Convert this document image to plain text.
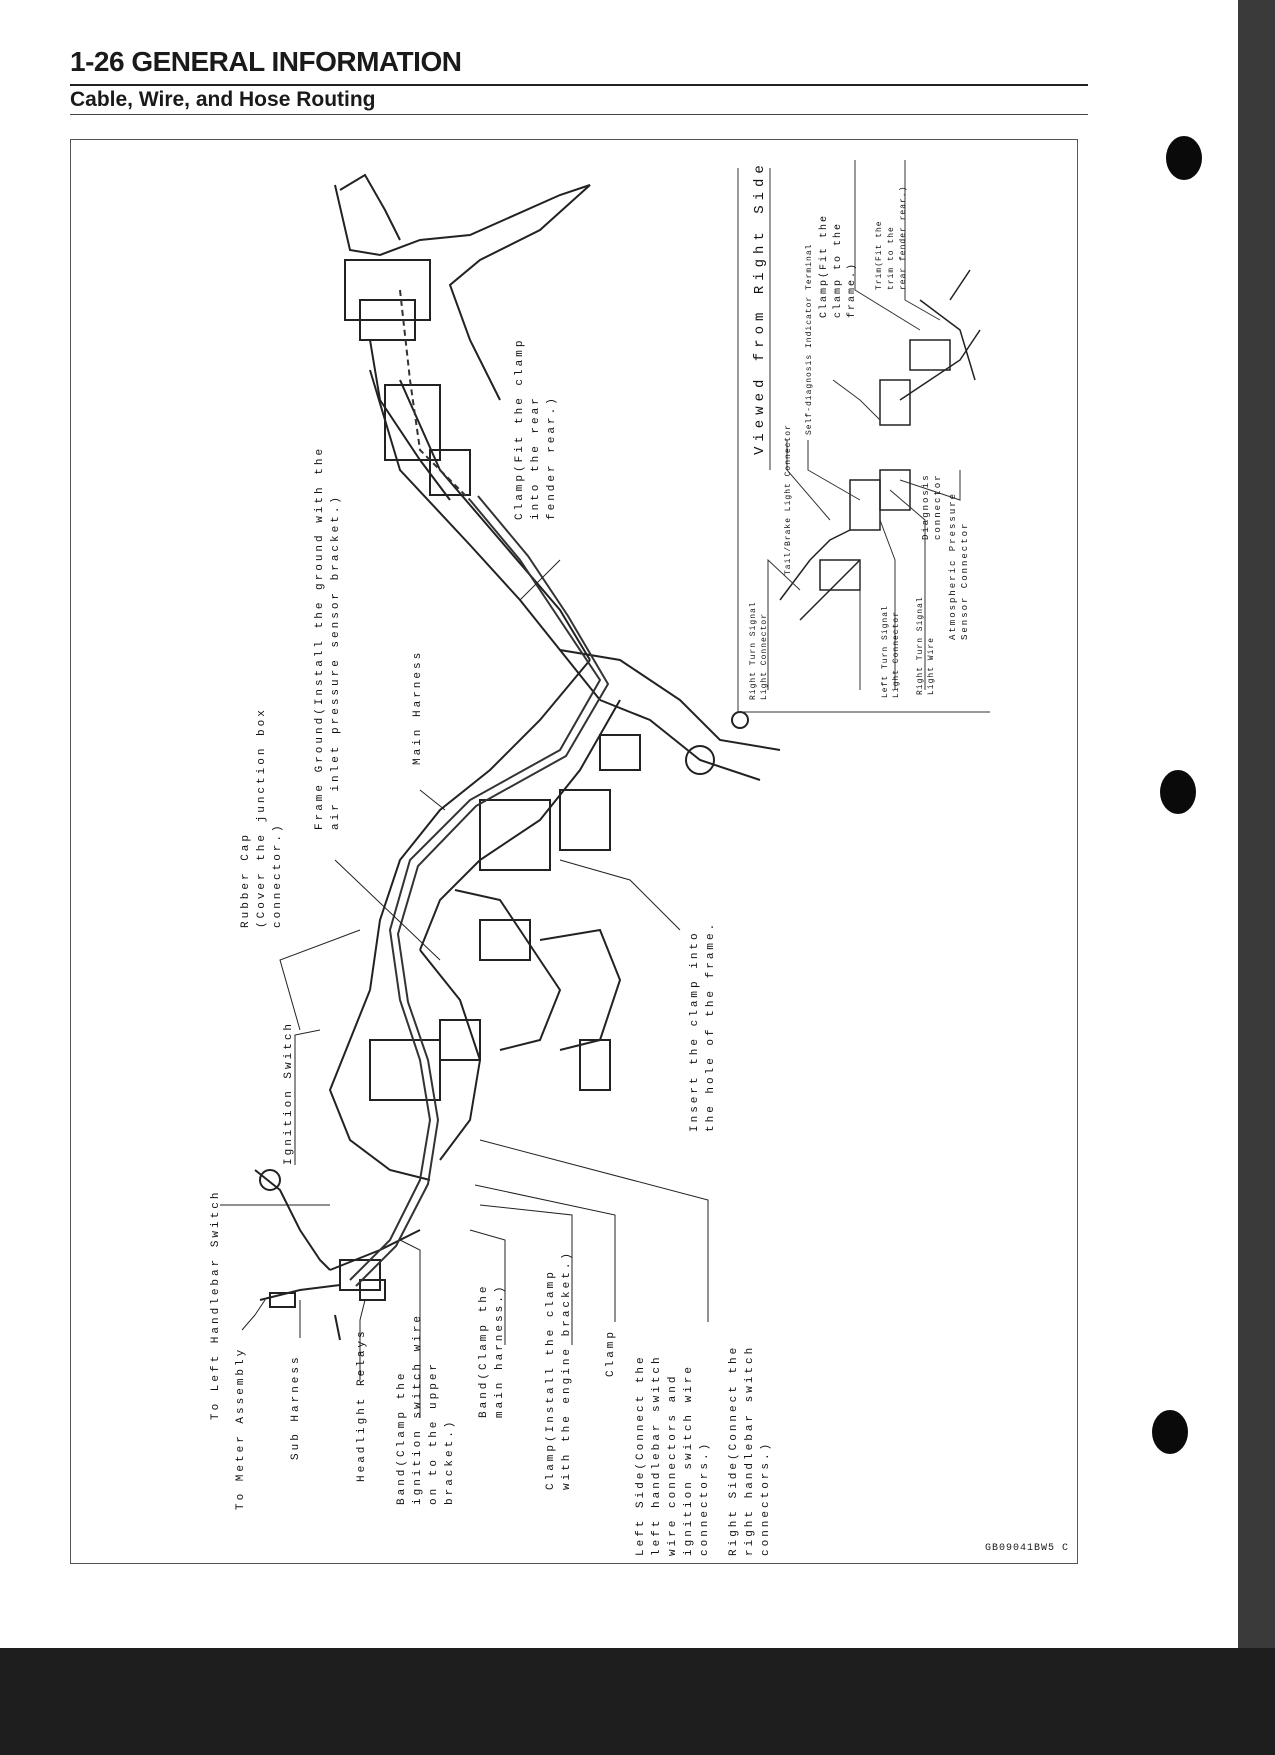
1-26 GENERAL INFORMATION
Cable, Wire, and Hose Routing
To Left Handlebar Switch
To Meter Assembly	Sub Harness	Headlight Relays	Band(Clamp the ignition switch wire on to the upper bracket.)
Band(Clamp the main harness.)	Clamp(Install the clamp with the engine bracket.)	Clamp
Left Side(Connect the left handlebar switch wire connectors and ignition switch wire connectors.) Right Side(Connect the right handlebar switch connectors.)
Ignition Switch
Rubber Cap (Cover the junction box connector.)
Frame Ground(Install the ground with the air inlet pressure sensor bracket.)	Main Harness
Clamp(Fit the clamp into the rear fender rear.)
Insert the clamp into the hole of the frame.
Viewed from Right Side
Tail/Brake Light Connector
Self-diagnosis Indicator Terminal Clamp(Fit the clamp to the frame.) Trim(Fit the trim to the rear fender rear.)
Right Turn Signal Light Connector	Left Turn Signal Light Connector Right Turn Signal Light Wire
Atmospheric Pressure Sensor Connector
Diagnosis connector
GB09041BW5 C
